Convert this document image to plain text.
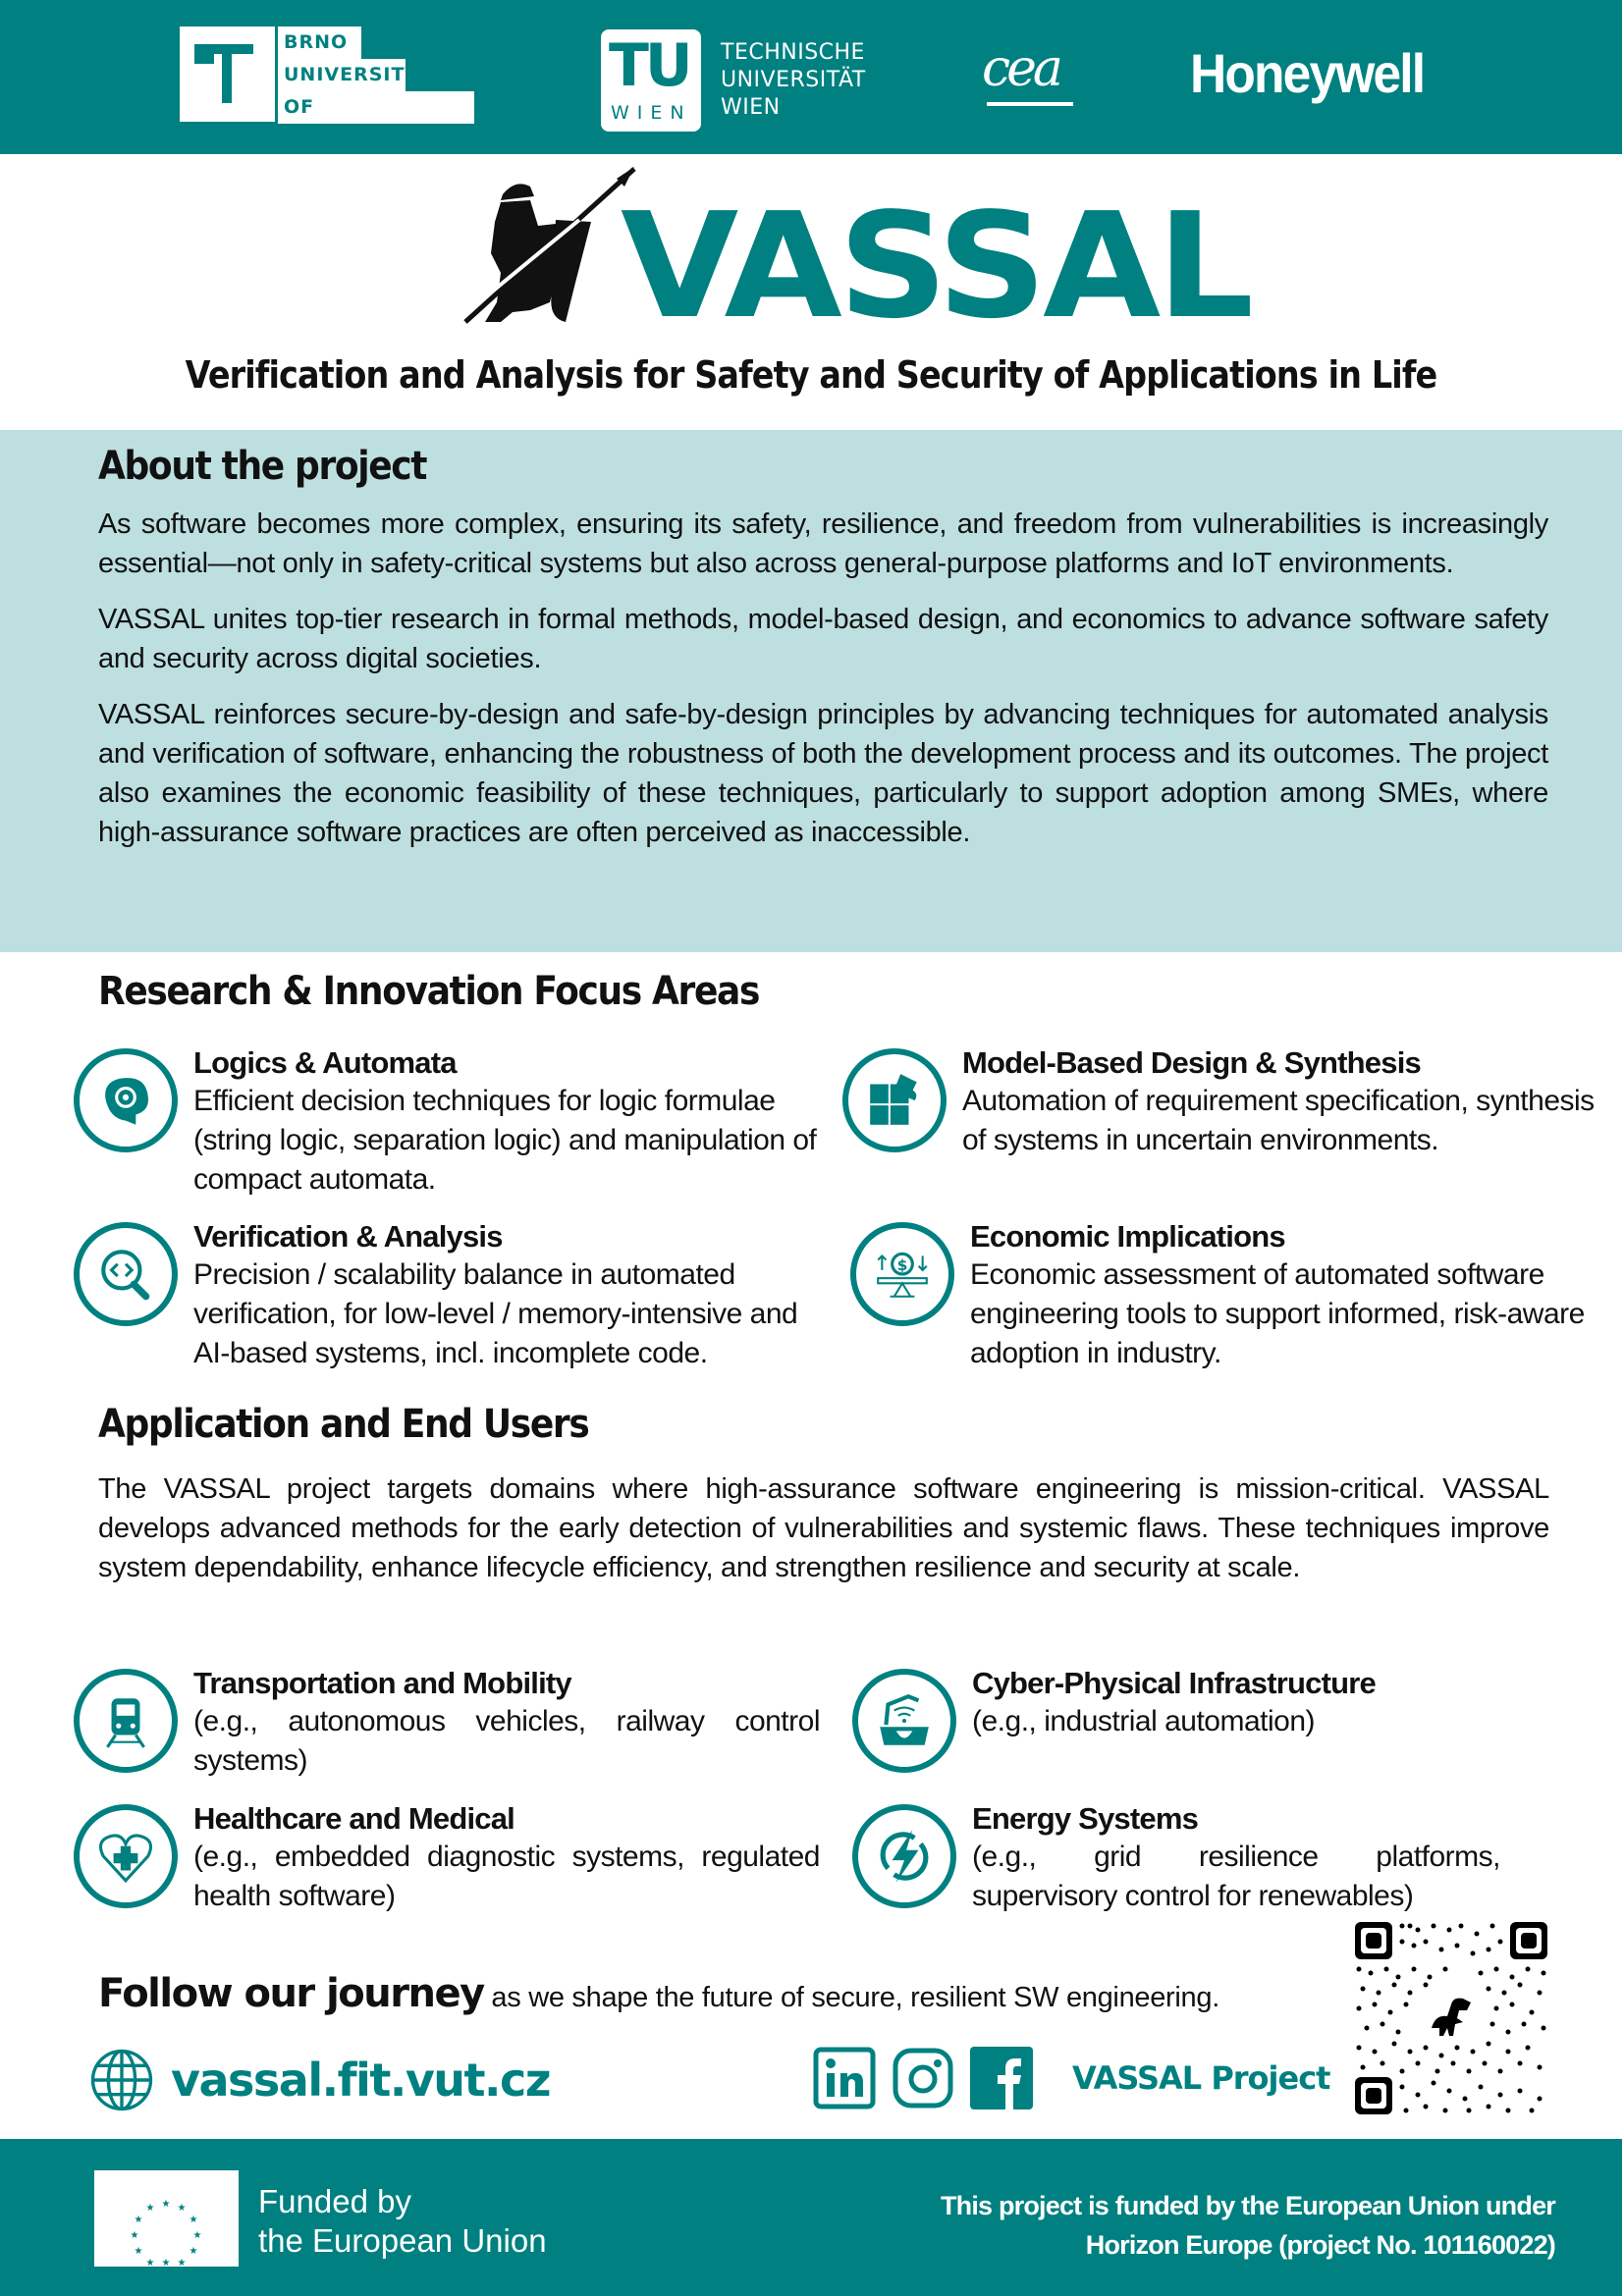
BRNO
UNIVERSITY
OF TECHNOLOGY
TU
WIEN
TECHNISCHE
UNIVERSITÄT
WIEN
cea Honeywell
VASSAL
Verification and Analysis for Safety and Security of Applications in Life
About the project

As software becomes more complex, ensuring its safety, resilience, and freedom from vulnerabilities is increasingly essential—not only in safety-critical systems but also across general-purpose platforms and IoT environments.

VASSAL unites top-tier research in formal methods, model-based design, and economics to advance software safety and security across digital societies.

VASSAL reinforces secure-by-design and safe-by-design principles by advancing techniques for automated analysis and verification of software, enhancing the robustness of both the development process and its outcomes. The project also examines the economic feasibility of these techniques, particularly to support adoption among SMEs, where high-assurance software practices are often perceived as inaccessible.

Research & Innovation Focus Areas
Logics & Automata
Efficient decision techniques for logic formulae (string logic, separation logic) and manipulation of compact automata.
Model-Based Design & Synthesis
Automation of requirement specification, synthesis of systems in uncertain environments.
Verification & Analysis
Precision / scalability balance in automated verification, for low-level / memory-intensive and AI-based systems, incl. incomplete code.
$
Economic Implications
Economic assessment of automated software engineering tools to support informed, risk-aware adoption in industry.
Application and End Users
The VASSAL project targets domains where high-assurance software engineering is mission-critical. VASSAL develops advanced methods for the early detection of vulnerabilities and systemic flaws. These techniques improve system dependability, enhance lifecycle efficiency, and strengthen resilience and security at scale.
Transportation and Mobility
(e.g., autonomous vehicles, railway control systems)
Cyber-Physical Infrastructure
(e.g., industrial automation)
Healthcare and Medical
(e.g., embedded diagnostic systems, regulated health software)
Energy Systems
(e.g., grid resilience platforms, supervisory control for renewables)
Follow our journey as we shape the future of secure, resilient SW engineering.
vassal.fit.vut.cz	VASSAL Project
★ ★
★
★
★
★
★
★
★
★
★
★	Funded by
the European Union
This project is funded by the European Union under
Horizon Europe (project No. 101160022)
